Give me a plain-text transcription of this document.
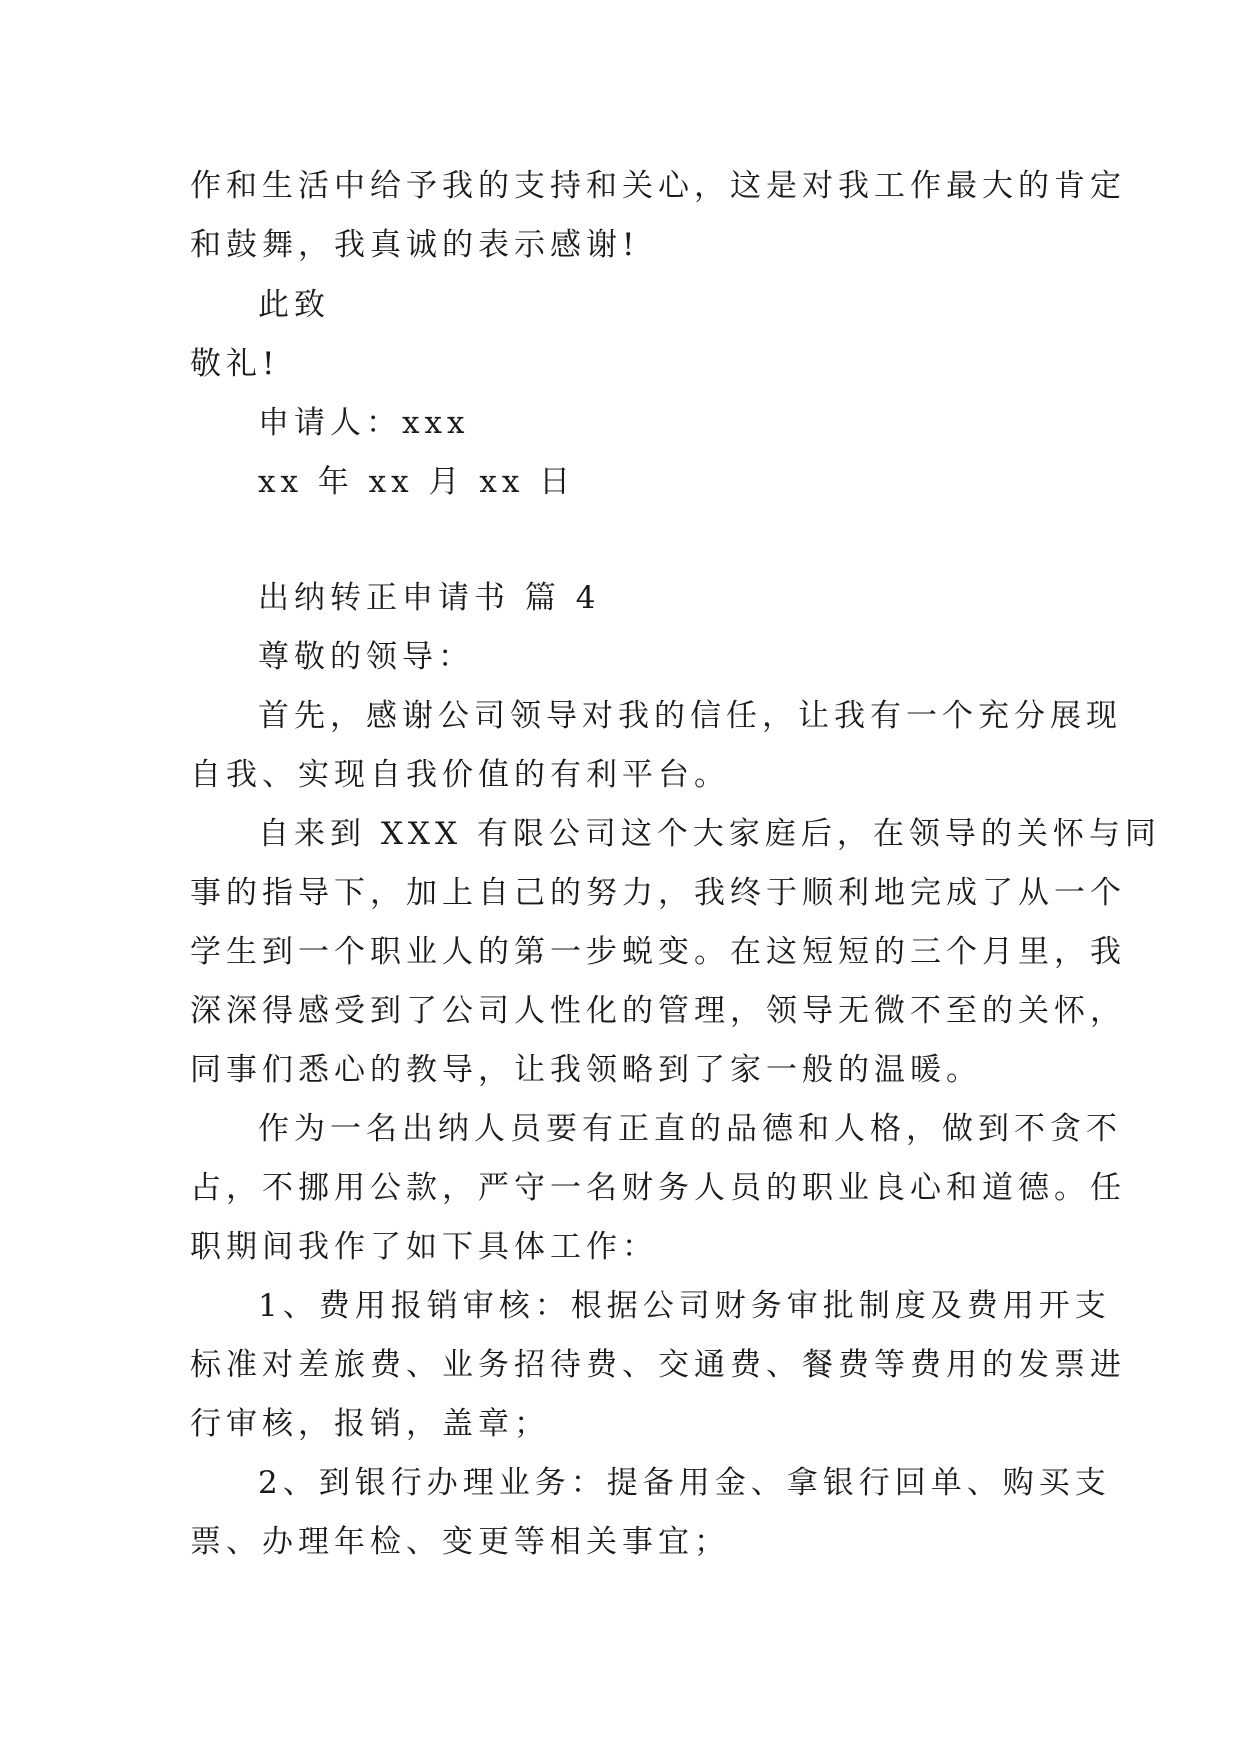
作和生活中给予我的支持和关心，这是对我工作最大的肯定
和鼓舞，我真诚的表示感谢!
此致
敬礼!
申请人：xxx
xx 年 xx 月 xx 日
出纳转正申请书 篇 4
尊敬的领导：
首先，感谢公司领导对我的信任，让我有一个充分展现
自我、实现自我价值的有利平台。
自来到 XXX 有限公司这个大家庭后，在领导的关怀与同
事的指导下，加上自己的努力，我终于顺利地完成了从一个
学生到一个职业人的第一步蜕变。在这短短的三个月里，我
深深得感受到了公司人性化的管理，领导无微不至的关怀，
同事们悉心的教导，让我领略到了家一般的温暖。
作为一名出纳人员要有正直的品德和人格，做到不贪不
占，不挪用公款，严守一名财务人员的职业良心和道德。任
职期间我作了如下具体工作：
1、费用报销审核：根据公司财务审批制度及费用开支
标准对差旅费、业务招待费、交通费、餐费等费用的发票进
行审核，报销，盖章；
2、到银行办理业务：提备用金、拿银行回单、购买支
票、办理年检、变更等相关事宜；
